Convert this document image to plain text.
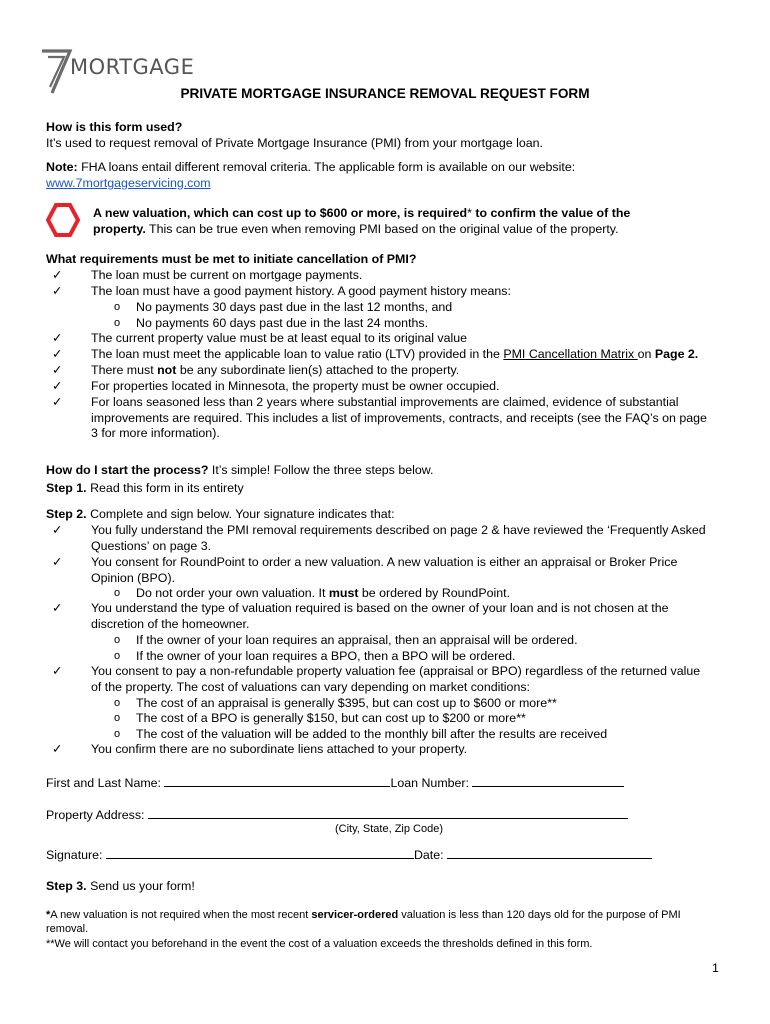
MORTGAGE
PRIVATE MORTGAGE INSURANCE REMOVAL REQUEST FORM
How is this form used?
It’s used to request removal of Private Mortgage Insurance (PMI) from your mortgage loan.
Note: FHA loans entail different removal criteria. The applicable form is available on our website:
www.7mortgageservicing.com
A new valuation, which can cost up to $600 or more, is required* to confirm the value of the
property. This can be true even when removing PMI based on the original value of the property.
What requirements must be met to initiate cancellation of PMI?
✓ The loan must be current on mortgage payments.
✓ The loan must have a good payment history. A good payment history means:
o No payments 30 days past due in the last 12 months, and
o No payments 60 days past due in the last 24 months.
✓ The current property value must be at least equal to its original value
✓ The loan must meet the applicable loan to value ratio (LTV) provided in the PMI Cancellation Matrix on Page 2.
✓ There must not be any subordinate lien(s) attached to the property.
✓ For properties located in Minnesota, the property must be owner occupied.
✓ For loans seasoned less than 2 years where substantial improvements are claimed, evidence of substantial
improvements are required. This includes a list of improvements, contracts, and receipts (see the FAQ’s on page
3 for more information).
How do I start the process? It’s simple! Follow the three steps below.
Step 1. Read this form in its entirety
Step 2. Complete and sign below. Your signature indicates that:
✓ You fully understand the PMI removal requirements described on page 2 & have reviewed the ‘Frequently Asked
Questions’ on page 3.
✓ You consent for RoundPoint to order a new valuation. A new valuation is either an appraisal or Broker Price
Opinion (BPO).
o Do not order your own valuation. It must be ordered by RoundPoint.
✓ You understand the type of valuation required is based on the owner of your loan and is not chosen at the
discretion of the homeowner.
o If the owner of your loan requires an appraisal, then an appraisal will be ordered.
o If the owner of your loan requires a BPO, then a BPO will be ordered.
✓ You consent to pay a non-refundable property valuation fee (appraisal or BPO) regardless of the returned value
of the property. The cost of valuations can vary depending on market conditions:
o The cost of an appraisal is generally $395, but can cost up to $600 or more**
o The cost of a BPO is generally $150, but can cost up to $200 or more**
o The cost of the valuation will be added to the monthly bill after the results are received
✓ You confirm there are no subordinate liens attached to your property.
First and Last Name:	Loan Number:
Property Address:
(City, State, Zip Code)
Signature:	Date:
Step 3. Send us your form!
*A new valuation is not required when the most recent servicer-ordered valuation is less than 120 days old for the purpose of PMI
removal.
**We will contact you beforehand in the event the cost of a valuation exceeds the thresholds defined in this form.
1
